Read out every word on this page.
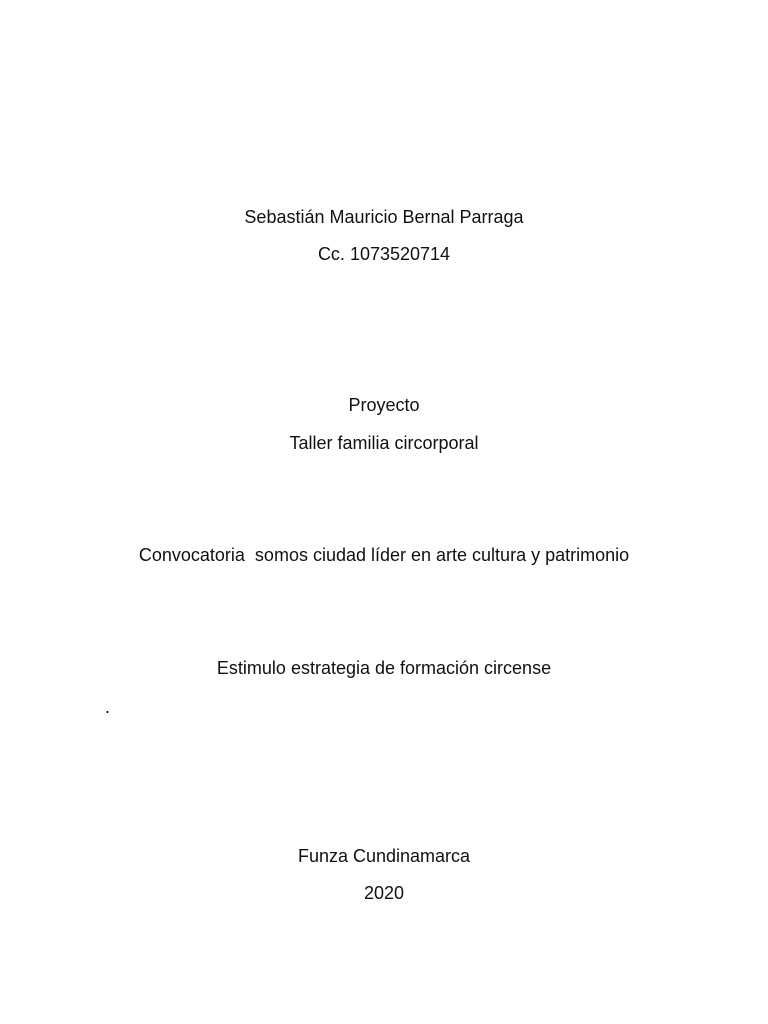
Sebastián Mauricio Bernal Parraga
Cc. 1073520714
Proyecto
Taller familia circorporal
Convocatoria  somos ciudad líder en arte cultura y patrimonio
Estimulo estrategia de formación circense
.
Funza Cundinamarca
2020
